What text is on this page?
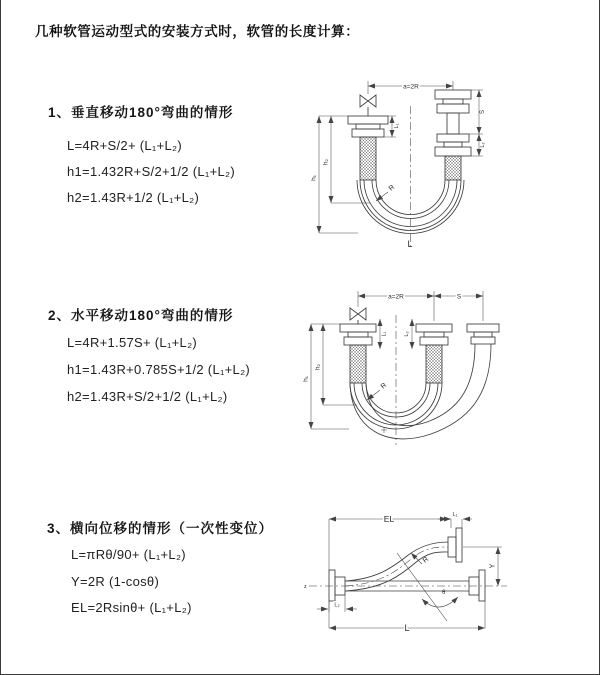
几种软管运动型式的安装方式时，软管的长度计算：
1、垂直移动180°弯曲的情形
L=4R+S/2+ (L₁+L₂)
h1=1.432R+S/2+1/2 (L₁+L₂)
h2=1.43R+1/2 (L₁+L₂)
2、水平移动180°弯曲的情形
L=4R+1.57S+ (L₁+L₂)
h1=1.43R+0.785S+1/2 (L₁+L₂)
h2=1.43R+S/2+1/2 (L₁+L₂)
3、横向位移的情形（一次性变位）
L=πRθ/90+ (L₁+L₂)
Y=2R (1-cosθ)
EL=2Rsinθ+ (L₁+L₂)
a=2R
h₁
h₂
L₁
S
L₂
R
L
a=2R	S
h₁
h₂
L₁	L₂
R
EL	L₁
L
L₂
Y
R
θ
z
